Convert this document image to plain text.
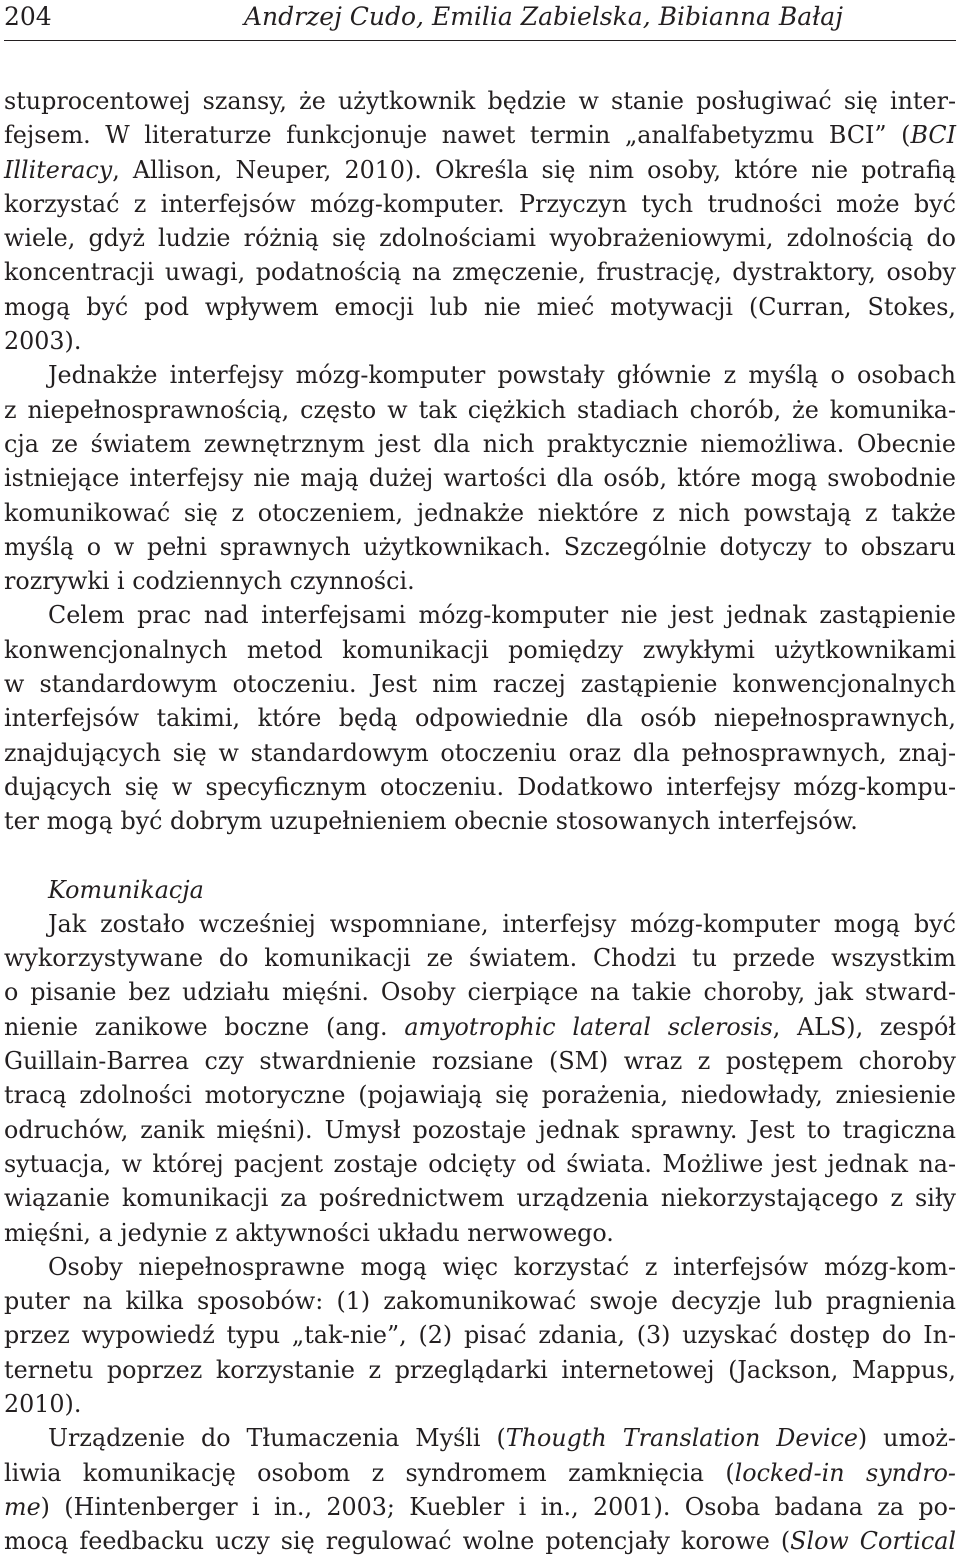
204	Andrzej Cudo, Emilia Zabielska, Bibianna Bałaj
stuprocentowej szansy, że użytkownik będzie w stanie posługiwać się inter-
fejsem. W literaturze funkcjonuje nawet termin „analfabetyzmu BCI” (BCI
Illiteracy, Allison, Neuper, 2010). Określa się nim osoby, które nie potrafią
korzystać z interfejsów mózg-komputer. Przyczyn tych trudności może być
wiele, gdyż ludzie różnią się zdolnościami wyobrażeniowymi, zdolnością do
koncentracji uwagi, podatnością na zmęczenie, frustrację, dystraktory, osoby
mogą być pod wpływem emocji lub nie mieć motywacji (Curran, Stokes,
2003).
Jednakże interfejsy mózg-komputer powstały głównie z myślą o osobach
z niepełnosprawnością, często w tak ciężkich stadiach chorób, że komunika-
cja ze światem zewnętrznym jest dla nich praktycznie niemożliwa. Obecnie
istniejące interfejsy nie mają dużej wartości dla osób, które mogą swobodnie
komunikować się z otoczeniem, jednakże niektóre z nich powstają z także
myślą o w pełni sprawnych użytkownikach. Szczególnie dotyczy to obszaru
rozrywki i codziennych czynności.
Celem prac nad interfejsami mózg-komputer nie jest jednak zastąpienie
konwencjonalnych metod komunikacji pomiędzy zwykłymi użytkownikami
w standardowym otoczeniu. Jest nim raczej zastąpienie konwencjonalnych
interfejsów takimi, które będą odpowiednie dla osób niepełnosprawnych,
znajdujących się w standardowym otoczeniu oraz dla pełnosprawnych, znaj-
dujących się w specyficznym otoczeniu. Dodatkowo interfejsy mózg-kompu-
ter mogą być dobrym uzupełnieniem obecnie stosowanych interfejsów.
Komunikacja
Jak zostało wcześniej wspomniane, interfejsy mózg-komputer mogą być
wykorzystywane do komunikacji ze światem. Chodzi tu przede wszystkim
o pisanie bez udziału mięśni. Osoby cierpiące na takie choroby, jak stward-
nienie zanikowe boczne (ang. amyotrophic lateral sclerosis, ALS), zespół
Guillain-Barrea czy stwardnienie rozsiane (SM) wraz z postępem choroby
tracą zdolności motoryczne (pojawiają się porażenia, niedowłady, zniesienie
odruchów, zanik mięśni). Umysł pozostaje jednak sprawny. Jest to tragiczna
sytuacja, w której pacjent zostaje odcięty od świata. Możliwe jest jednak na-
wiązanie komunikacji za pośrednictwem urządzenia niekorzystającego z siły
mięśni, a jedynie z aktywności układu nerwowego.
Osoby niepełnosprawne mogą więc korzystać z interfejsów mózg-kom-
puter na kilka sposobów: (1) zakomunikować swoje decyzje lub pragnienia
przez wypowiedź typu „tak-nie”, (2) pisać zdania, (3) uzyskać dostęp do In-
ternetu poprzez korzystanie z przeglądarki internetowej (Jackson, Mappus,
2010).
Urządzenie do Tłumaczenia Myśli (Thougth Translation Device) umoż-
liwia komunikację osobom z syndromem zamknięcia (locked-in syndro-
me) (Hintenberger i in., 2003; Kuebler i in., 2001). Osoba badana za po-
mocą feedbacku uczy się regulować wolne potencjały korowe (Slow Cortical
